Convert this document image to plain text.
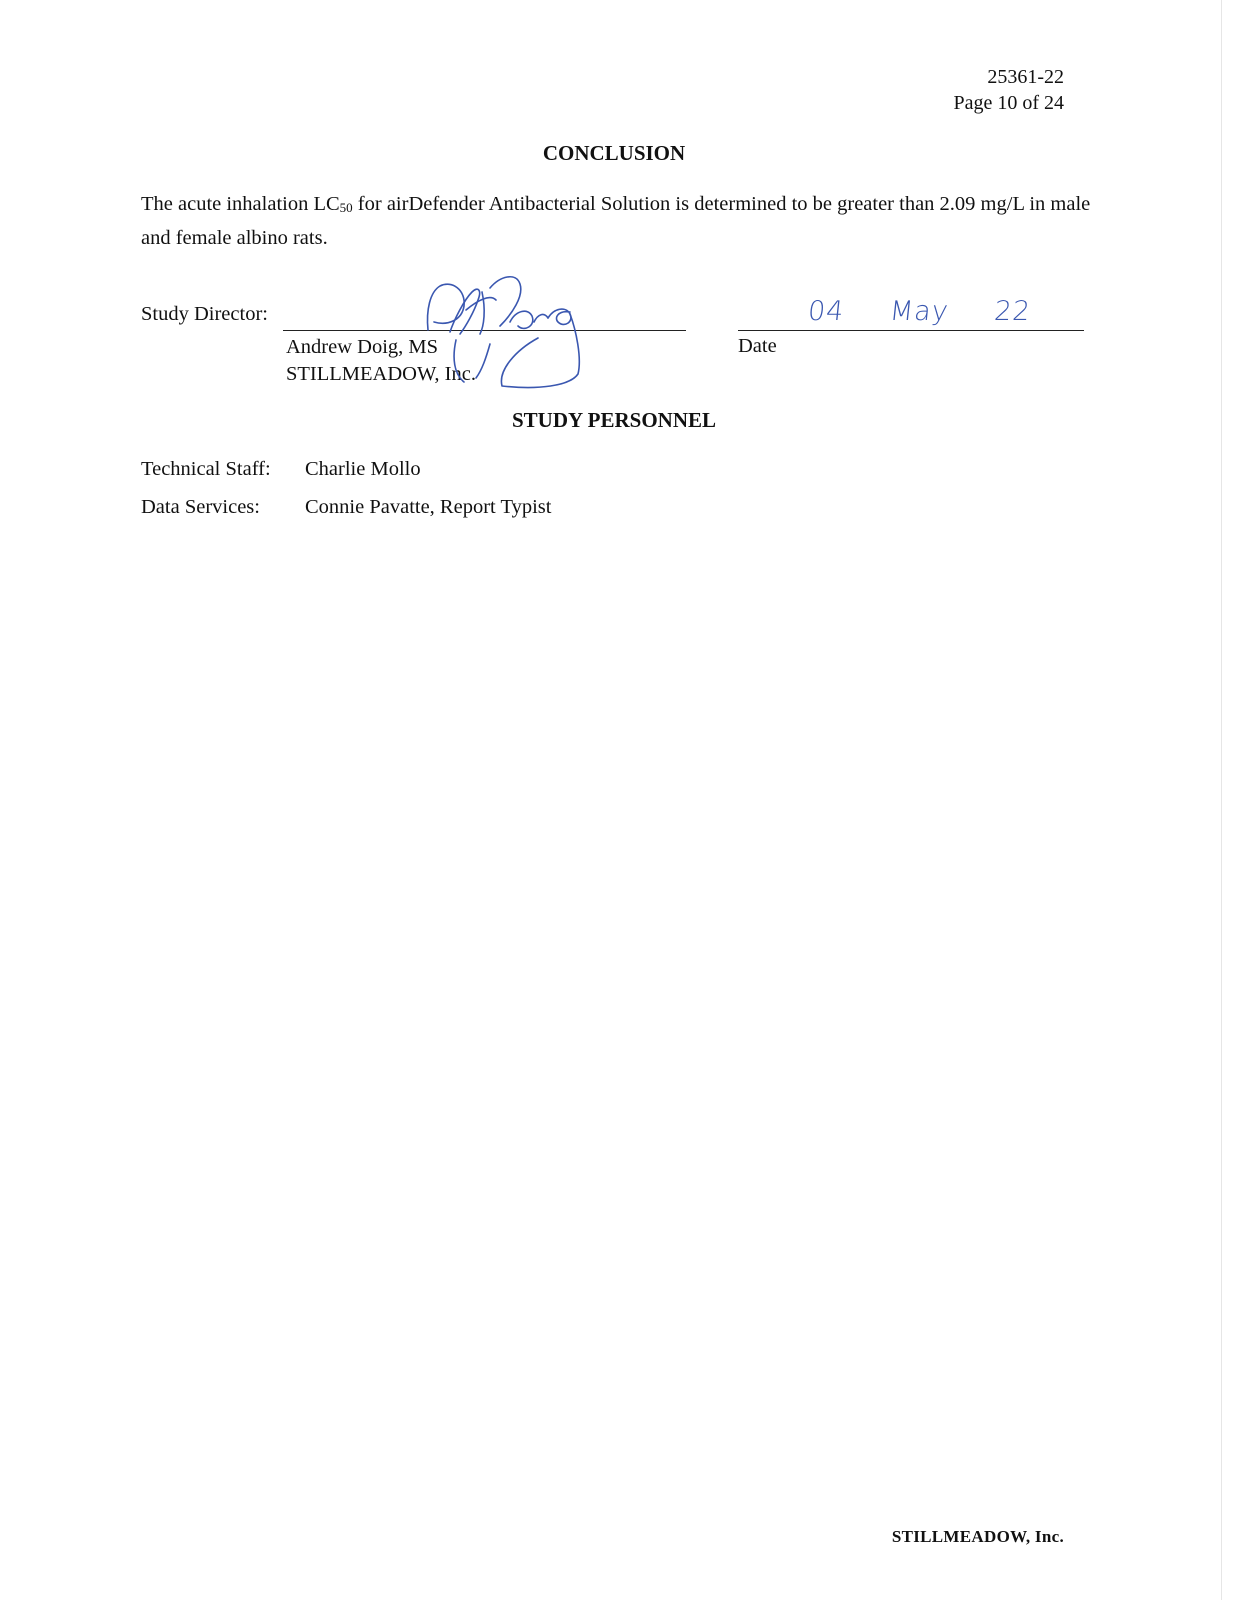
25361-22
Page 10 of 24
CONCLUSION
The acute inhalation $LC_{50}$ for airDefender Antibacterial Solution is determined to be greater than 2.09 mg/L in male and female albino rats.
Study Director:
Andrew Doig, MS
STILLMEADOW, Inc.
04 May 22
Date
STUDY PERSONNEL
Technical Staff: Charlie Mollo
Data Services: Connie Pavatte, Report Typist
STILLMEADOW, Inc.
